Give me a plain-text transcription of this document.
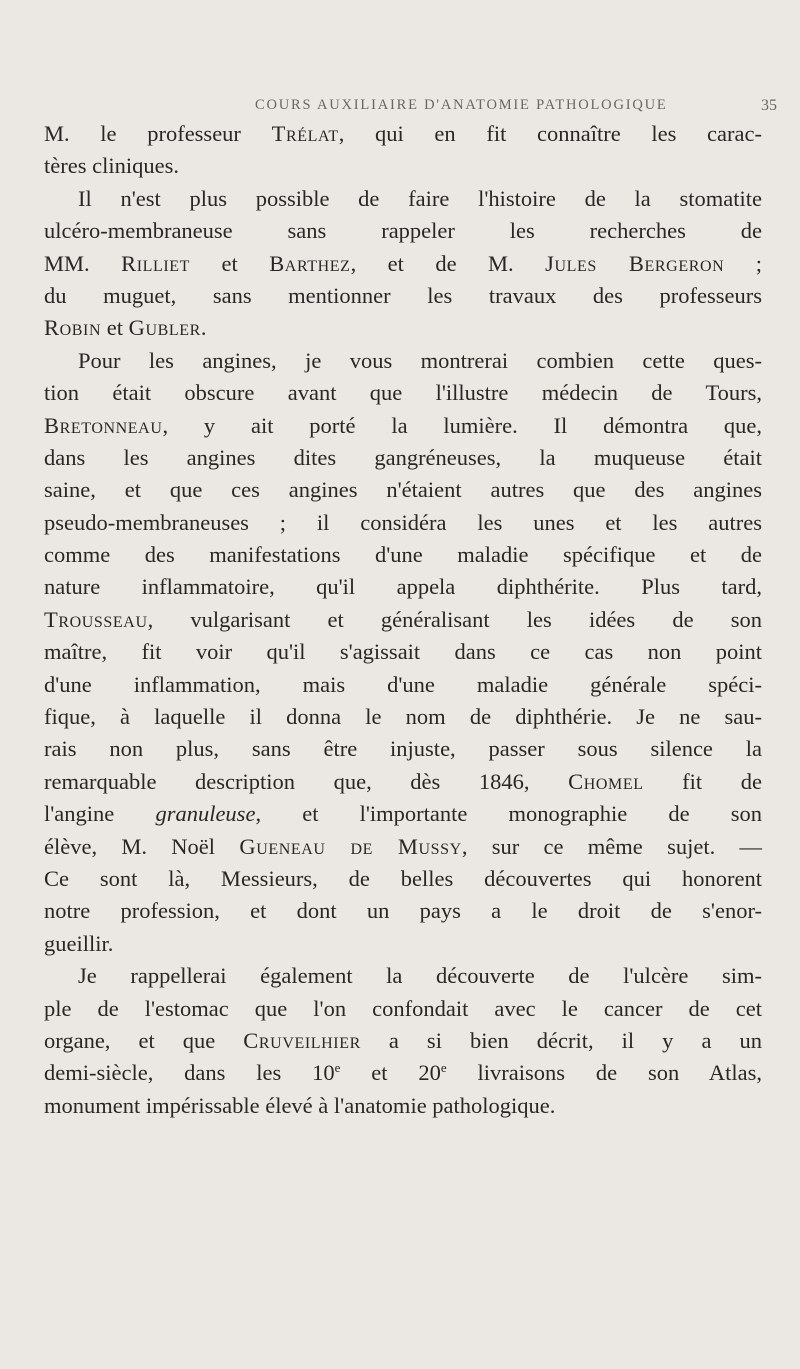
COURS AUXILIAIRE D'ANATOMIE PATHOLOGIQUE	35
M. le professeur Trélat, qui en fit connaître les carac-
tères cliniques.
Il n'est plus possible de faire l'histoire de la stomatite
ulcéro-membraneuse sans rappeler les recherches de
MM. Rilliet et Barthez, et de M. Jules Bergeron ;
du muguet, sans mentionner les travaux des professeurs
Robin et Gubler.
Pour les angines, je vous montrerai combien cette ques-
tion était obscure avant que l'illustre médecin de Tours,
Bretonneau, y ait porté la lumière. Il démontra que,
dans les angines dites gangréneuses, la muqueuse était
saine, et que ces angines n'étaient autres que des angines
pseudo-membraneuses ; il considéra les unes et les autres
comme des manifestations d'une maladie spécifique et de
nature inflammatoire, qu'il appela diphthérite. Plus tard,
Trousseau, vulgarisant et généralisant les idées de son
maître, fit voir qu'il s'agissait dans ce cas non point
d'une inflammation, mais d'une maladie générale spéci-
fique, à laquelle il donna le nom de diphthérie. Je ne sau-
rais non plus, sans être injuste, passer sous silence la
remarquable description que, dès 1846, Chomel fit de
l'angine granuleuse, et l'importante monographie de son
élève, M. Noël Gueneau de Mussy, sur ce même sujet. —
Ce sont là, Messieurs, de belles découvertes qui honorent
notre profession, et dont un pays a le droit de s'enor-
gueillir.
Je rappellerai également la découverte de l'ulcère sim-
ple de l'estomac que l'on confondait avec le cancer de cet
organe, et que Cruveilhier a si bien décrit, il y a un
demi-siècle, dans les 10e et 20e livraisons de son Atlas,
monument impérissable élevé à l'anatomie pathologique.
